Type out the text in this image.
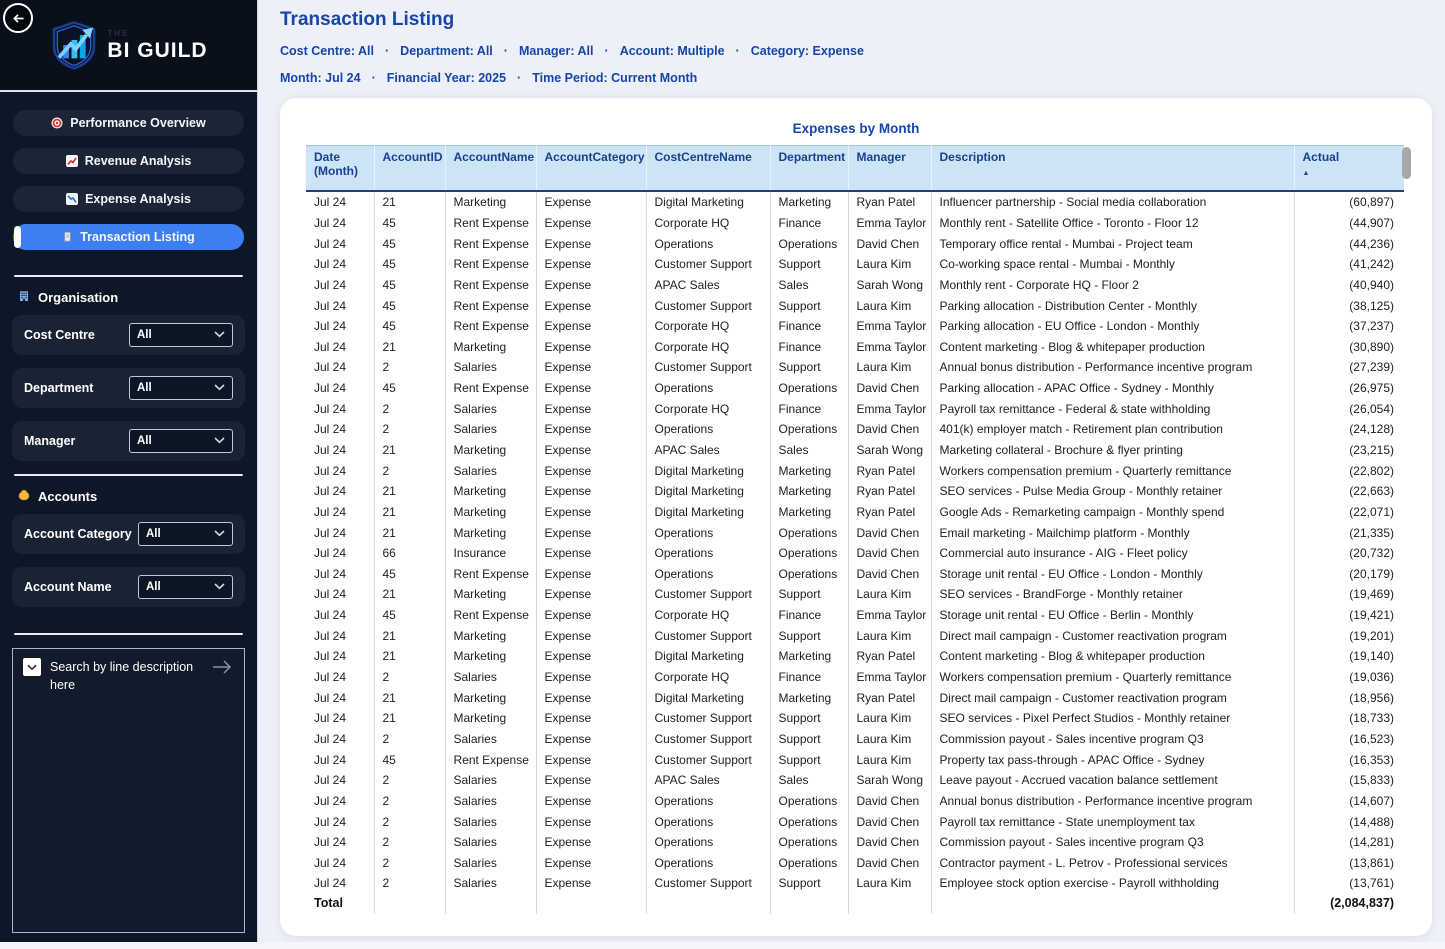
THE
BI GUILD
Performance Overview
Revenue Analysis
Expense Analysis
Transaction Listing
Organisation
Cost Centre	All
Department	All
Manager	All
Accounts
Account Category All
Account Name	All
Search by line description here
Transaction Listing
Cost Centre: All · Department: All · Manager: All · Account: Multiple · Category: Expense
Month: Jul 24 · Financial Year: 2025 · Time Period: Current Month
Expenses by Month
Date (Month)	AccountID	AccountName	AccountCategory	CostCentreName	Department	Manager	Description	Actual
▲
Jul 24	21	Marketing	Expense	Digital Marketing	Marketing	Ryan Patel	Influencer partnership - Social media collaboration	(60,897)
Jul 24	45	Rent Expense	Expense	Corporate HQ	Finance	Emma Taylor	Monthly rent - Satellite Office - Toronto - Floor 12	(44,907)
Jul 24	45	Rent Expense	Expense	Operations	Operations	David Chen	Temporary office rental - Mumbai - Project team	(44,236)
Jul 24	45	Rent Expense	Expense	Customer Support	Support	Laura Kim	Co-working space rental - Mumbai - Monthly	(41,242)
Jul 24	45	Rent Expense	Expense	APAC Sales	Sales	Sarah Wong	Monthly rent - Corporate HQ - Floor 2	(40,940)
Jul 24	45	Rent Expense	Expense	Customer Support	Support	Laura Kim	Parking allocation - Distribution Center - Monthly	(38,125)
Jul 24	45	Rent Expense	Expense	Corporate HQ	Finance	Emma Taylor	Parking allocation - EU Office - London - Monthly	(37,237)
Jul 24	21	Marketing	Expense	Corporate HQ	Finance	Emma Taylor	Content marketing - Blog & whitepaper production	(30,890)
Jul 24	2	Salaries	Expense	Customer Support	Support	Laura Kim	Annual bonus distribution - Performance incentive program	(27,239)
Jul 24	45	Rent Expense	Expense	Operations	Operations	David Chen	Parking allocation - APAC Office - Sydney - Monthly	(26,975)
Jul 24	2	Salaries	Expense	Corporate HQ	Finance	Emma Taylor	Payroll tax remittance - Federal & state withholding	(26,054)
Jul 24	2	Salaries	Expense	Operations	Operations	David Chen	401(k) employer match - Retirement plan contribution	(24,128)
Jul 24	21	Marketing	Expense	APAC Sales	Sales	Sarah Wong	Marketing collateral - Brochure & flyer printing	(23,215)
Jul 24	2	Salaries	Expense	Digital Marketing	Marketing	Ryan Patel	Workers compensation premium - Quarterly remittance	(22,802)
Jul 24	21	Marketing	Expense	Digital Marketing	Marketing	Ryan Patel	SEO services - Pulse Media Group - Monthly retainer	(22,663)
Jul 24	21	Marketing	Expense	Digital Marketing	Marketing	Ryan Patel	Google Ads - Remarketing campaign - Monthly spend	(22,071)
Jul 24	21	Marketing	Expense	Operations	Operations	David Chen	Email marketing - Mailchimp platform - Monthly	(21,335)
Jul 24	66	Insurance	Expense	Operations	Operations	David Chen	Commercial auto insurance - AIG - Fleet policy	(20,732)
Jul 24	45	Rent Expense	Expense	Operations	Operations	David Chen	Storage unit rental - EU Office - London - Monthly	(20,179)
Jul 24	21	Marketing	Expense	Customer Support	Support	Laura Kim	SEO services - BrandForge - Monthly retainer	(19,469)
Jul 24	45	Rent Expense	Expense	Corporate HQ	Finance	Emma Taylor	Storage unit rental - EU Office - Berlin - Monthly	(19,421)
Jul 24	21	Marketing	Expense	Customer Support	Support	Laura Kim	Direct mail campaign - Customer reactivation program	(19,201)
Jul 24	21	Marketing	Expense	Digital Marketing	Marketing	Ryan Patel	Content marketing - Blog & whitepaper production	(19,140)
Jul 24	2	Salaries	Expense	Corporate HQ	Finance	Emma Taylor	Workers compensation premium - Quarterly remittance	(19,036)
Jul 24	21	Marketing	Expense	Digital Marketing	Marketing	Ryan Patel	Direct mail campaign - Customer reactivation program	(18,956)
Jul 24	21	Marketing	Expense	Customer Support	Support	Laura Kim	SEO services - Pixel Perfect Studios - Monthly retainer	(18,733)
Jul 24	2	Salaries	Expense	Customer Support	Support	Laura Kim	Commission payout - Sales incentive program Q3	(16,523)
Jul 24	45	Rent Expense	Expense	Customer Support	Support	Laura Kim	Property tax pass-through - APAC Office - Sydney	(16,353)
Jul 24	2	Salaries	Expense	APAC Sales	Sales	Sarah Wong	Leave payout - Accrued vacation balance settlement	(15,833)
Jul 24	2	Salaries	Expense	Operations	Operations	David Chen	Annual bonus distribution - Performance incentive program	(14,607)
Jul 24	2	Salaries	Expense	Operations	Operations	David Chen	Payroll tax remittance - State unemployment tax	(14,488)
Jul 24	2	Salaries	Expense	Operations	Operations	David Chen	Commission payout - Sales incentive program Q3	(14,281)
Jul 24	2	Salaries	Expense	Operations	Operations	David Chen	Contractor payment - L. Petrov - Professional services	(13,861)
Jul 24	2	Salaries	Expense	Customer Support	Support	Laura Kim	Employee stock option exercise - Payroll withholding	(13,761)
Total								(2,084,837)
